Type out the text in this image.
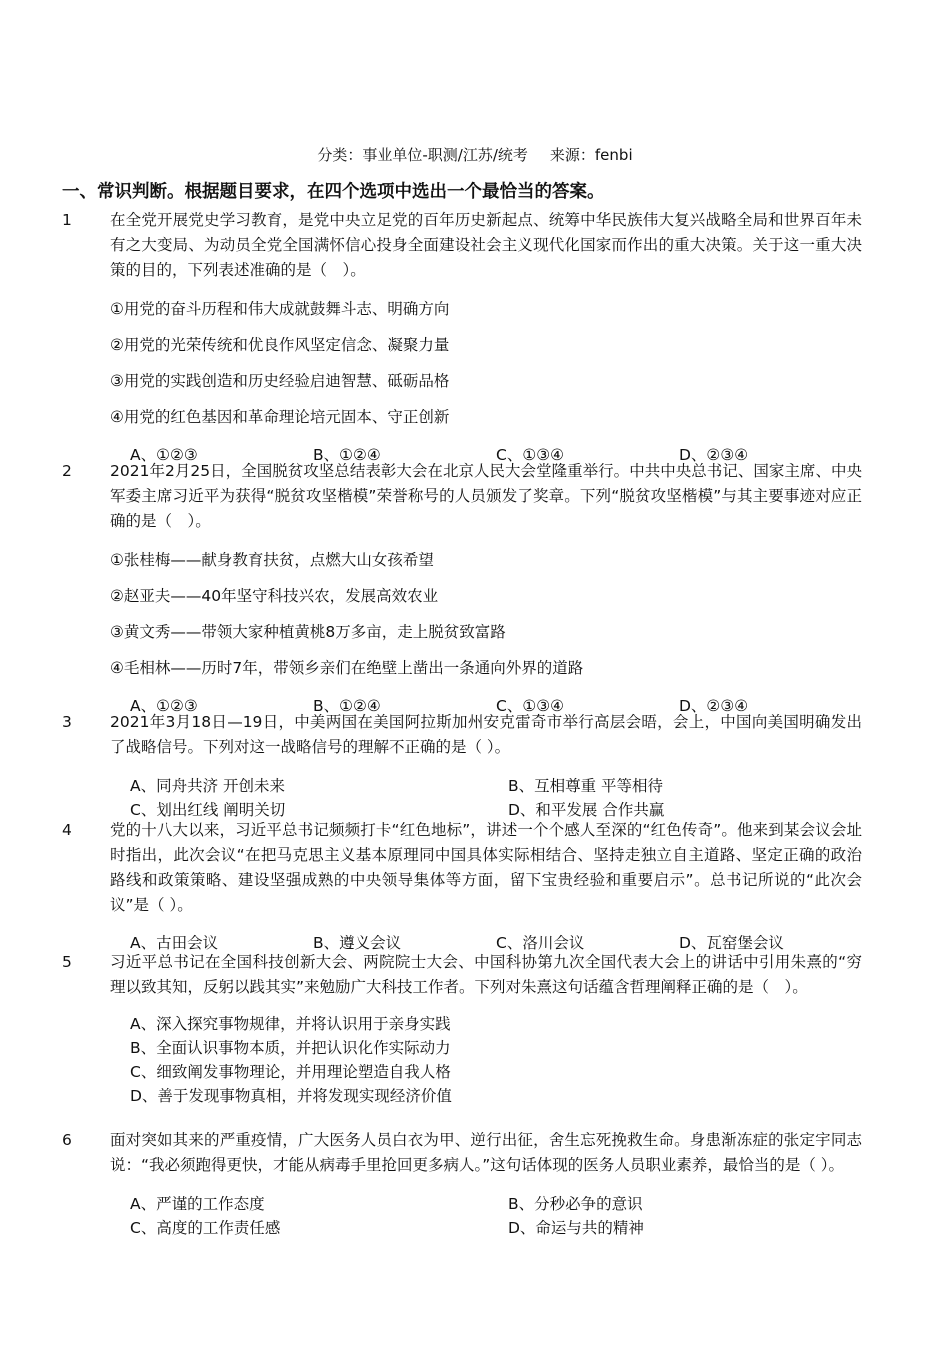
分类：事业单位-职测/江苏/统考 来源：fenbi
一、常识判断。根据题目要求，在四个选项中选出一个最恰当的答案。
1	在全党开展党史学习教育，是党中央立足党的百年历史新起点、统筹中华民族伟大复兴战略全局和世界百年未有之大变局、为动员全党全国满怀信心投身全面建设社会主义现代化国家而作出的重大决策。关于这一重大决策的目的，下列表述准确的是（　）。
①用党的奋斗历程和伟大成就鼓舞斗志、明确方向
②用党的光荣传统和优良作风坚定信念、凝聚力量
③用党的实践创造和历史经验启迪智慧、砥砺品格
④用党的红色基因和革命理论培元固本、守正创新
A、①②③	B、①②④	C、①③④	D、②③④
2	2021年2月25日，全国脱贫攻坚总结表彰大会在北京人民大会堂隆重举行。中共中央总书记、国家主席、中央军委主席习近平为获得“脱贫攻坚楷模”荣誉称号的人员颁发了奖章。下列“脱贫攻坚楷模”与其主要事迹对应正确的是（　）。
①张桂梅——献身教育扶贫，点燃大山女孩希望
②赵亚夫——40年坚守科技兴农，发展高效农业
③黄文秀——带领大家种植黄桃8万多亩，走上脱贫致富路
④毛相林——历时7年，带领乡亲们在绝壁上凿出一条通向外界的道路
A、①②③	B、①②④	C、①③④	D、②③④
3	2021年3月18日—19日，中美两国在美国阿拉斯加州安克雷奇市举行高层会晤，会上，中国向美国明确发出了战略信号。下列对这一战略信号的理解不正确的是（ ）。
A、同舟共济 开创未来	B、互相尊重 平等相待
C、划出红线 阐明关切	D、和平发展 合作共赢
4	党的十八大以来，习近平总书记频频打卡“红色地标”，讲述一个个感人至深的“红色传奇”。他来到某会议会址时指出，此次会议“在把马克思主义基本原理同中国具体实际相结合、坚持走独立自主道路、坚定正确的政治路线和政策策略、建设坚强成熟的中央领导集体等方面，留下宝贵经验和重要启示”。总书记所说的“此次会议”是（ ）。
A、古田会议	B、遵义会议	C、洛川会议	D、瓦窑堡会议
5	习近平总书记在全国科技创新大会、两院院士大会、中国科协第九次全国代表大会上的讲话中引用朱熹的“穷理以致其知，反躬以践其实”来勉励广大科技工作者。下列对朱熹这句话蕴含哲理阐释正确的是（　）。
A、深入探究事物规律，并将认识用于亲身实践
B、全面认识事物本质，并把认识化作实际动力
C、细致阐发事物理论，并用理论塑造自我人格
D、善于发现事物真相，并将发现实现经济价值
6	面对突如其来的严重疫情，广大医务人员白衣为甲、逆行出征，舍生忘死挽救生命。身患渐冻症的张定宇同志说：“我必须跑得更快，才能从病毒手里抢回更多病人。”这句话体现的医务人员职业素养，最恰当的是（ ）。
A、严谨的工作态度	B、分秒必争的意识
C、高度的工作责任感	D、命运与共的精神
